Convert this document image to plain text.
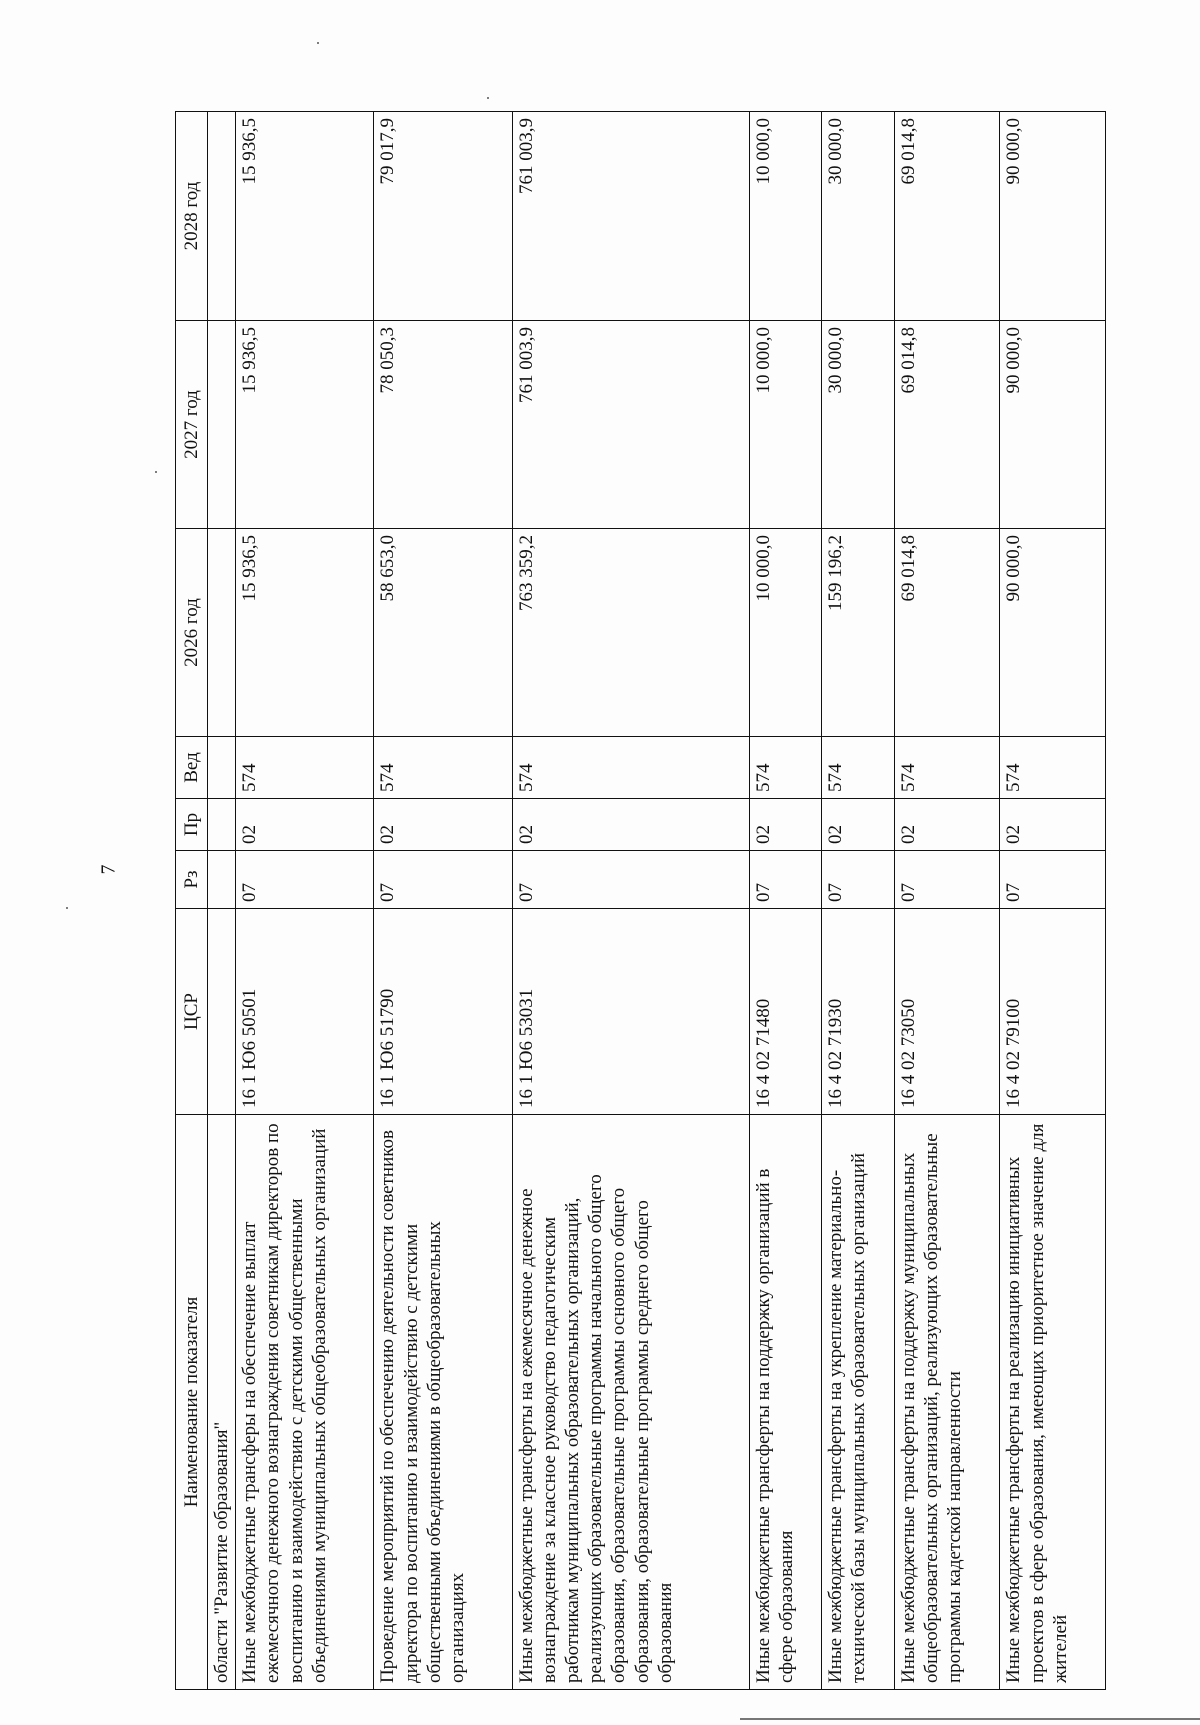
7
Наименование показателя	ЦСР	Рз	Пр	Вед	2026 год	2027 год	2028 год
области "Развитие образования"							
Иные межбюджетные трансферы на обеспечение выплат ежемесячного денежного вознаграждения советникам директоров по воспитанию и взаимодействию с детскими общественными объединениями муниципальных общеобразовательных организаций	16 1 Ю6 50501	07	02	574	15 936,5	15 936,5	15 936,5
Проведение мероприятий по обеспечению деятельности советников директора по воспитанию и взаимодействию с детскими общественными объединениями в общеобразовательных организациях	16 1 Ю6 51790	07	02	574	58 653,0	78 050,3	79 017,9
Иные межбюджетные трансферты на ежемесячное денежное вознаграждение за классное руководство педагогическим работникам муниципальных образовательных организаций, реализующих образовательные программы начального общего образования, образовательные программы основного общего образования, образовательные программы среднего общего образования	16 1 Ю6 53031	07	02	574	763 359,2	761 003,9	761 003,9
Иные межбюджетные трансферты на поддержку организаций в сфере образования	16 4 02 71480	07	02	574	10 000,0	10 000,0	10 000,0
Иные межбюджетные трансферты на укрепление материально-технической базы муниципальных образовательных организаций	16 4 02 71930	07	02	574	159 196,2	30 000,0	30 000,0
Иные межбюджетные трансферты на поддержку муниципальных общеобразовательных организаций, реализующих образовательные программы кадетской направленности	16 4 02 73050	07	02	574	69 014,8	69 014,8	69 014,8
Иные межбюджетные трансферты на реализацию инициативных проектов в сфере образования, имеющих приоритетное значение для жителей	16 4 02 79100	07	02	574	90 000,0	90 000,0	90 000,0
